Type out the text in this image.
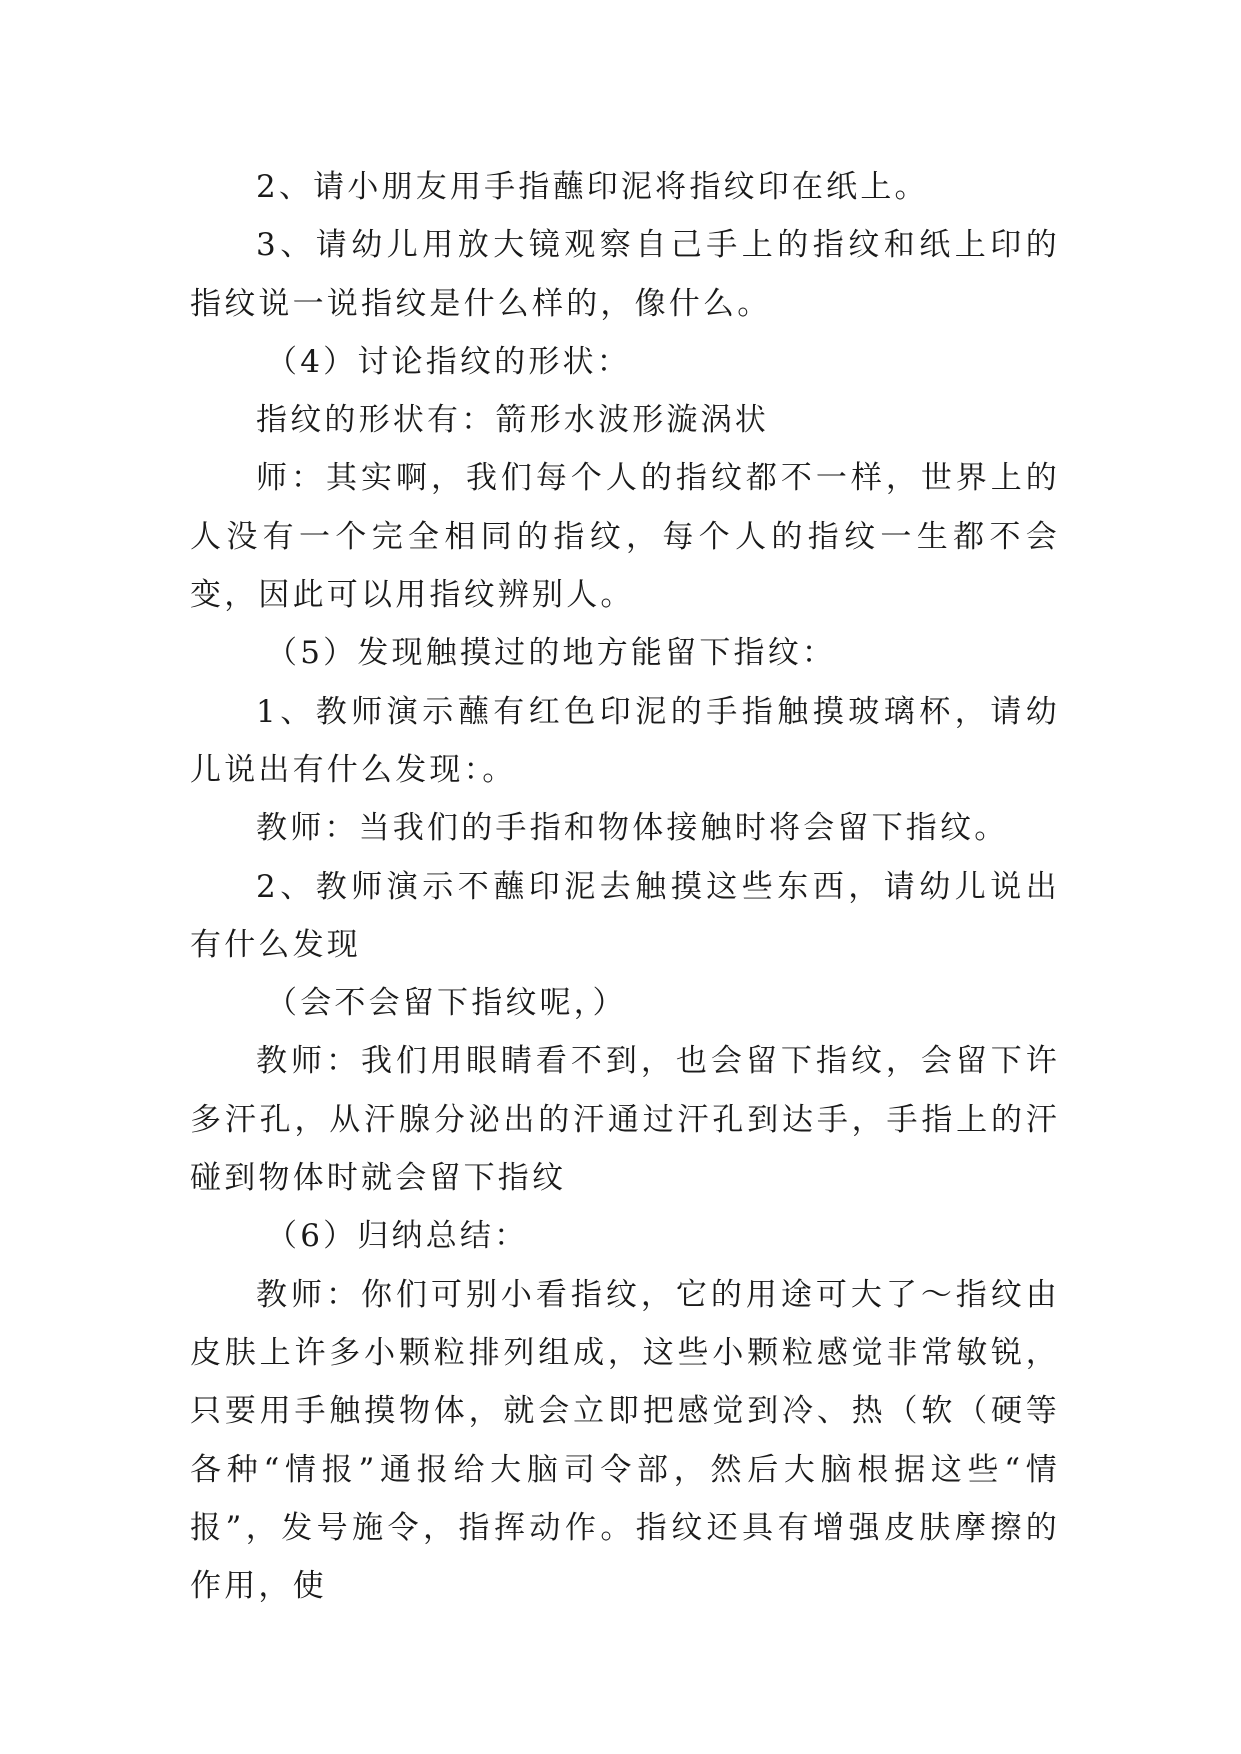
2、请小朋友用手指蘸印泥将指纹印在纸上。

3、请幼儿用放大镜观察自己手上的指纹和纸上印的指纹说一说指纹是什么样的，像什么。

（4）讨论指纹的形状：

指纹的形状有：箭形水波形漩涡状

师：其实啊，我们每个人的指纹都不一样，世界上的人没有一个完全相同的指纹，每个人的指纹一生都不会变，因此可以用指纹辨别人。

（5）发现触摸过的地方能留下指纹：

1、教师演示蘸有红色印泥的手指触摸玻璃杯，请幼儿说出有什么发现：。

教师：当我们的手指和物体接触时将会留下指纹。

2、教师演示不蘸印泥去触摸这些东西，请幼儿说出有什么发现

（会不会留下指纹呢，）

教师：我们用眼睛看不到，也会留下指纹，会留下许多汗孔，从汗腺分泌出的汗通过汗孔到达手，手指上的汗碰到物体时就会留下指纹

（6）归纳总结：

教师：你们可别小看指纹，它的用途可大了～指纹由皮肤上许多小颗粒排列组成，这些小颗粒感觉非常敏锐，只要用手触摸物体，就会立即把感觉到冷、热（软（硬等各种“情报”通报给大脑司令部，然后大脑根据这些“情报”，发号施令，指挥动作。指纹还具有增强皮肤摩擦的作用，使
